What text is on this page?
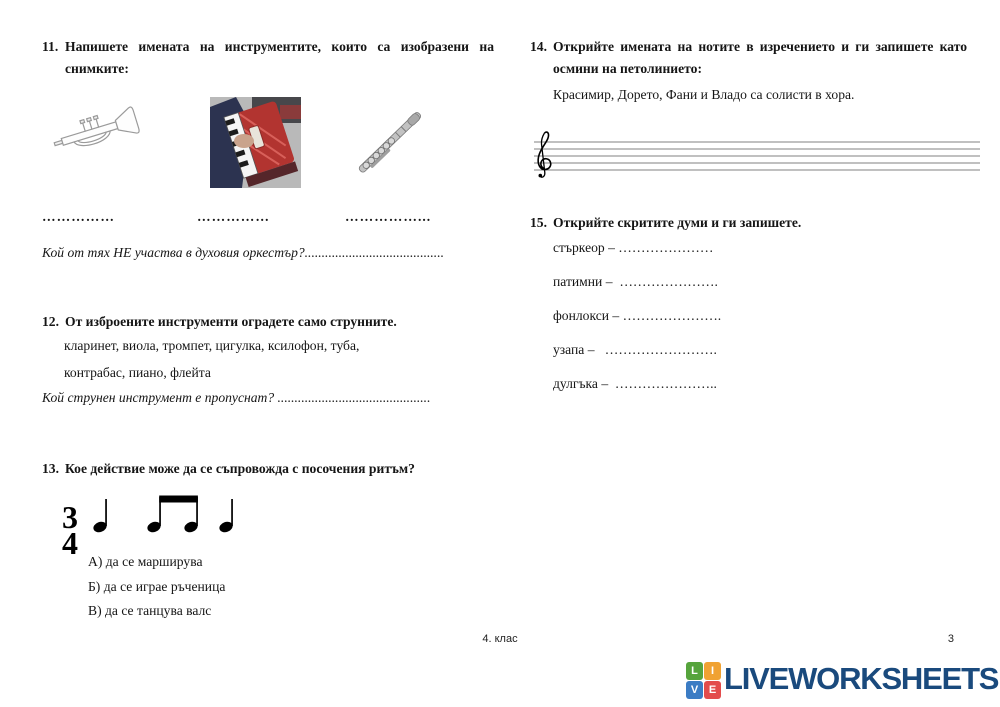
11. Напишете имената на инструментите, които са изобразени на снимките:
……………	……………	……………...
Кой от тях НЕ участва в духовия оркестър?.........................................
12. От изброените инструменти оградете само струнните.
кларинет, виола, тромпет, цигулка, ксилофон, туба,
контрабас, пиано, флейта
Кой струнен инструмент е пропуснат? .............................................
13. Кое действие може да се съпровожда с посочения ритъм?
3
4
А) да се марширува
Б) да се играе ръченица
В) да се танцува валс
14. Открийте имената на нотите в изречението и ги запишете като осмини на петолинието:
Красимир, Дорето, Фани и Владо са солисти в хора.
15. Открийте скритите думи и ги запишете.
стъркеор – …………………
патимни –  ………………….
фонлокси – ………………….
узапа –   …………………….
дулгъка –  …………………..
4. клас	3
L	I
V E LIVEWORKSHEETS
